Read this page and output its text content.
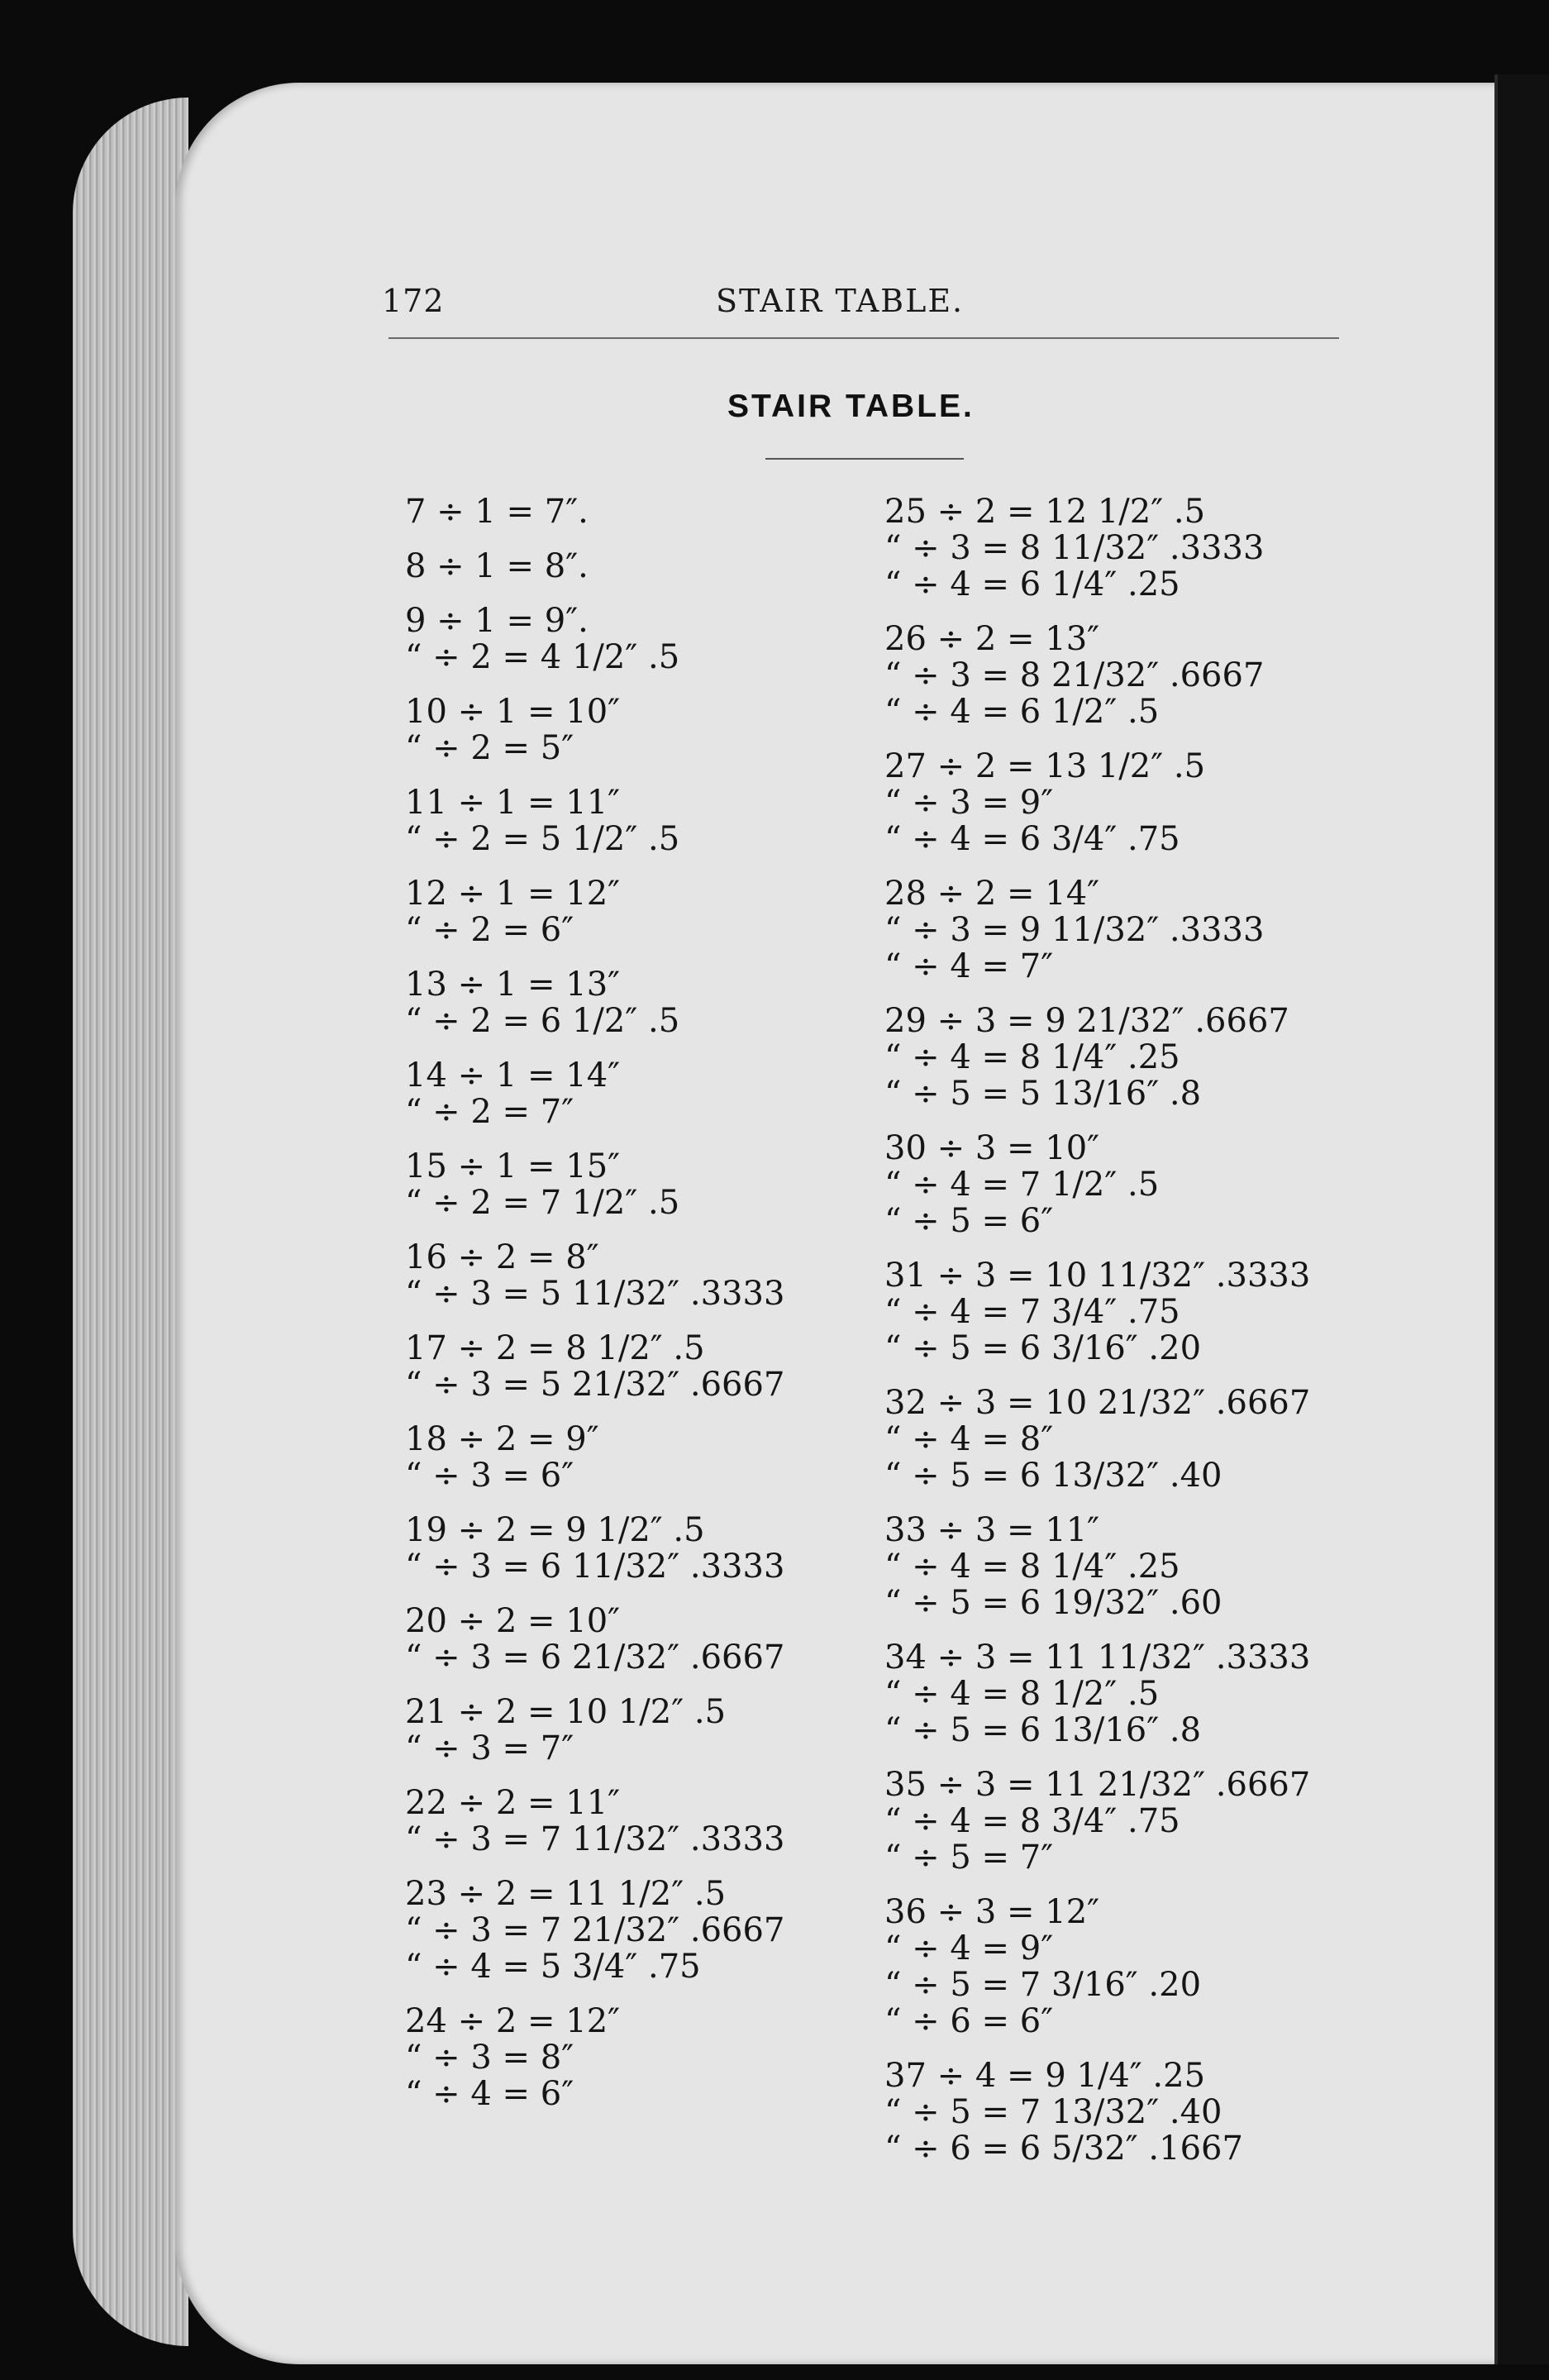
172	STAIR TABLE.
STAIR TABLE.
7 ÷ 1 = 7″.
8 ÷ 1 = 8″.
9 ÷ 1 = 9″.
“ ÷ 2 = 4 1/2″ .5
10 ÷ 1 = 10″
“ ÷ 2 = 5″
11 ÷ 1 = 11″
“ ÷ 2 = 5 1/2″ .5
12 ÷ 1 = 12″
“ ÷ 2 = 6″
13 ÷ 1 = 13″
“ ÷ 2 = 6 1/2″ .5
14 ÷ 1 = 14″
“ ÷ 2 = 7″
15 ÷ 1 = 15″
“ ÷ 2 = 7 1/2″ .5
16 ÷ 2 = 8″
“ ÷ 3 = 5 11/32″ .3333
17 ÷ 2 = 8 1/2″ .5
“ ÷ 3 = 5 21/32″ .6667
18 ÷ 2 = 9″
“ ÷ 3 = 6″
19 ÷ 2 = 9 1/2″ .5
“ ÷ 3 = 6 11/32″ .3333
20 ÷ 2 = 10″
“ ÷ 3 = 6 21/32″ .6667
21 ÷ 2 = 10 1/2″ .5
“ ÷ 3 = 7″
22 ÷ 2 = 11″
“ ÷ 3 = 7 11/32″ .3333
23 ÷ 2 = 11 1/2″ .5
“ ÷ 3 = 7 21/32″ .6667
“ ÷ 4 = 5 3/4″ .75
24 ÷ 2 = 12″
“ ÷ 3 = 8″
“ ÷ 4 = 6″
25 ÷ 2 = 12 1/2″ .5
“ ÷ 3 = 8 11/32″ .3333
“ ÷ 4 = 6 1/4″ .25
26 ÷ 2 = 13″
“ ÷ 3 = 8 21/32″ .6667
“ ÷ 4 = 6 1/2″ .5
27 ÷ 2 = 13 1/2″ .5
“ ÷ 3 = 9″
“ ÷ 4 = 6 3/4″ .75
28 ÷ 2 = 14″
“ ÷ 3 = 9 11/32″ .3333
“ ÷ 4 = 7″
29 ÷ 3 = 9 21/32″ .6667
“ ÷ 4 = 8 1/4″ .25
“ ÷ 5 = 5 13/16″ .8
30 ÷ 3 = 10″
“ ÷ 4 = 7 1/2″ .5
“ ÷ 5 = 6″
31 ÷ 3 = 10 11/32″ .3333
“ ÷ 4 = 7 3/4″ .75
“ ÷ 5 = 6 3/16″ .20
32 ÷ 3 = 10 21/32″ .6667
“ ÷ 4 = 8″
“ ÷ 5 = 6 13/32″ .40
33 ÷ 3 = 11″
“ ÷ 4 = 8 1/4″ .25
“ ÷ 5 = 6 19/32″ .60
34 ÷ 3 = 11 11/32″ .3333
“ ÷ 4 = 8 1/2″ .5
“ ÷ 5 = 6 13/16″ .8
35 ÷ 3 = 11 21/32″ .6667
“ ÷ 4 = 8 3/4″ .75
“ ÷ 5 = 7″
36 ÷ 3 = 12″
“ ÷ 4 = 9″
“ ÷ 5 = 7 3/16″ .20
“ ÷ 6 = 6″
37 ÷ 4 = 9 1/4″ .25
“ ÷ 5 = 7 13/32″ .40
“ ÷ 6 = 6 5/32″ .1667
